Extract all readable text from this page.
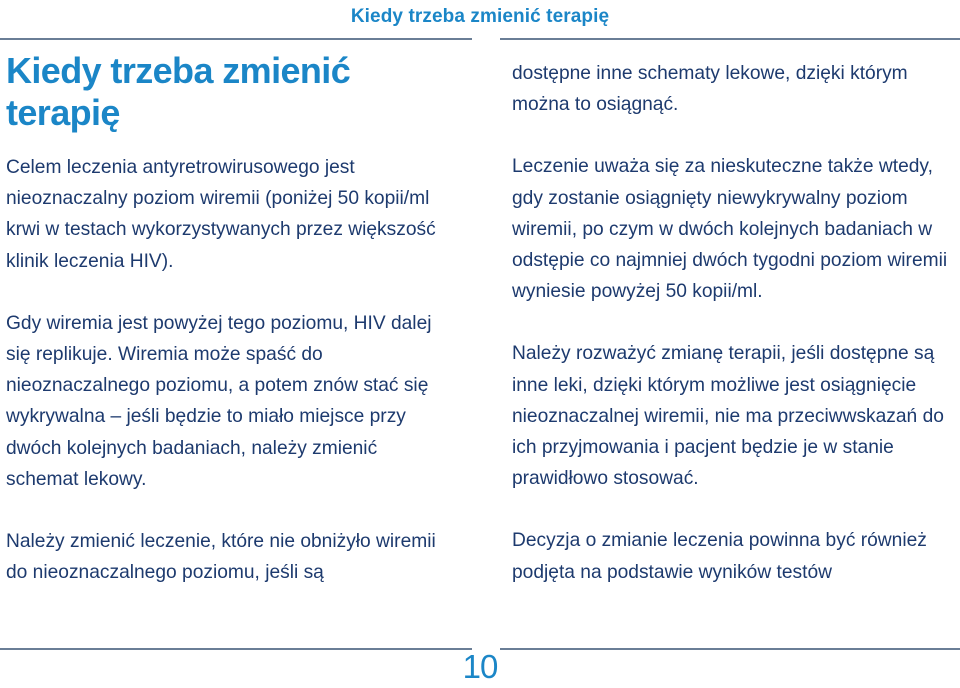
Kiedy trzeba zmienić terapię
Kiedy trzeba zmienić terapię

Celem leczenia antyretrowirusowego jest nieoznaczalny poziom wiremii (poniżej 50 kopii/ml krwi w testach wykorzystywanych przez większość klinik leczenia HIV).

Gdy wiremia jest powyżej tego poziomu, HIV dalej się replikuje. Wiremia może spaść do nieoznaczalnego poziomu, a potem znów stać się wykrywalna – jeśli będzie to miało miejsce przy dwóch kolejnych badaniach, należy zmienić schemat lekowy.

Należy zmienić leczenie, które nie obniżyło wiremii do nieoznaczalnego poziomu, jeśli są

dostępne inne schematy lekowe, dzięki którym można to osiągnąć.

Leczenie uważa się za nieskuteczne także wtedy, gdy zostanie osiągnięty niewykrywalny poziom wiremii, po czym w dwóch kolejnych badaniach w odstępie co najmniej dwóch tygodni poziom wiremii wyniesie powyżej 50 kopii/ml.

Należy rozważyć zmianę terapii, jeśli dostępne są inne leki, dzięki którym możliwe jest osiągnięcie nieoznaczalnej wiremii, nie ma przeciwwskazań do ich przyjmowania i pacjent będzie je w stanie prawidłowo stosować.

Decyzja o zmianie leczenia powinna być również podjęta na podstawie wyników testów

10
